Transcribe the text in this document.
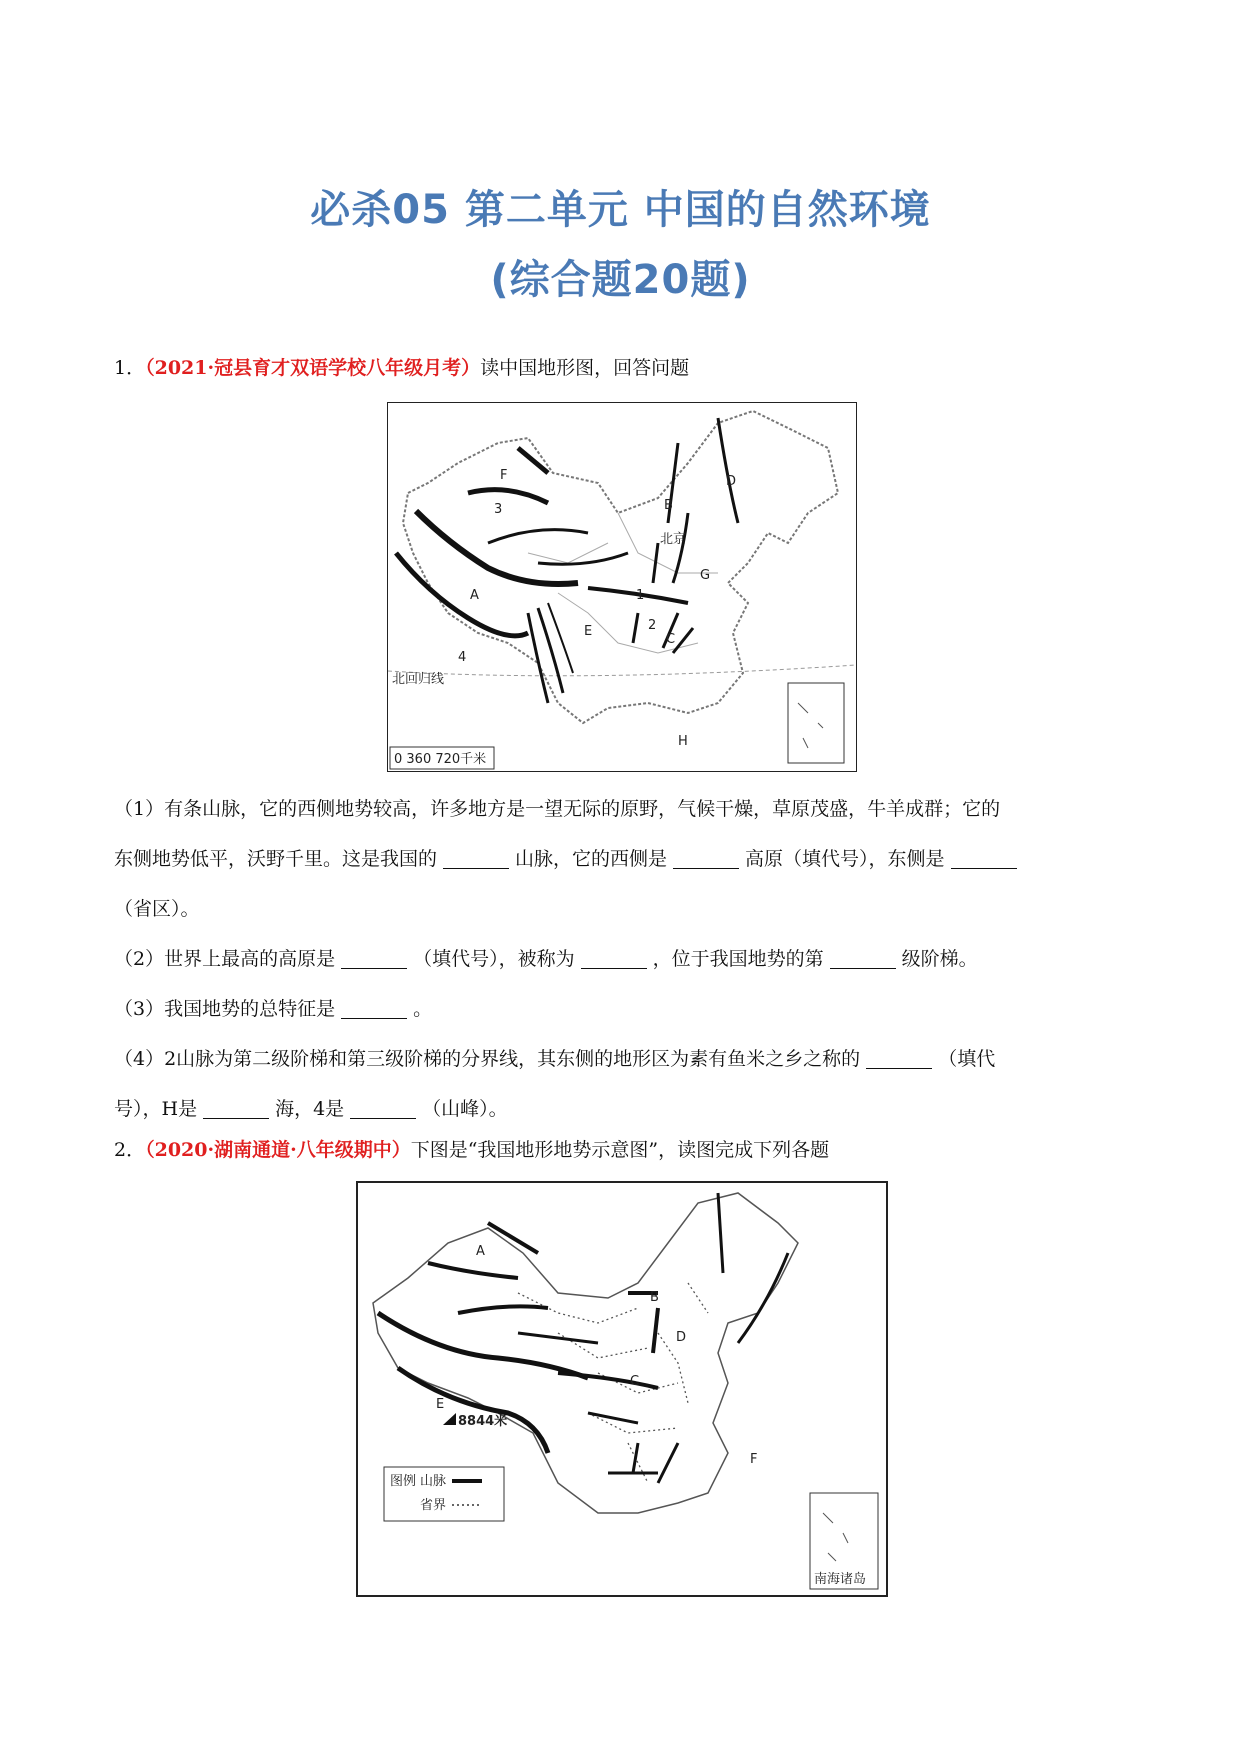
必杀05 第二单元 中国的自然环境
(综合题20题)
1．（2021·冠县育才双语学校八年级月考）读中国地形图，回答问题
F
B
D
3
北京
G
1
A
E	2
C
4
北回归线
H
0 360 720千米
（1）有条山脉，它的西侧地势较高，许多地方是一望无际的原野，气候干燥，草原茂盛，牛羊成群；它的
东侧地势低平，沃野千里。这是我国的	山脉，它的西侧是	高原（填代号），东侧是
（省区）。
（2）世界上最高的高原是	（填代号），被称为	，位于我国地势的第	级阶梯。
（3）我国地势的总特征是	。
（4）2山脉为第二级阶梯和第三级阶梯的分界线，其东侧的地形区为素有鱼米之乡之称的	（填代
号），H是	海，4是	（山峰）。
2．（2020·湖南通道·八年级期中）下图是“我国地形地势示意图”，读图完成下列各题
A
B
D
C
E
8844米
F
图例 山脉
省界
南海诸岛
